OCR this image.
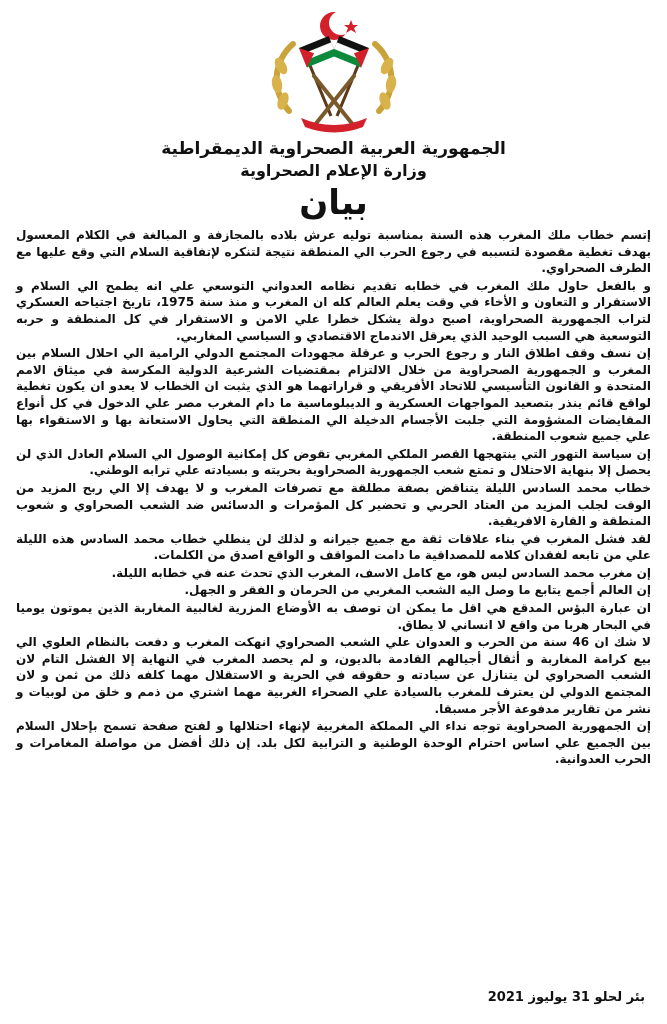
الجمهورية العربية الصحراوية الديمقراطية
وزارة الإعلام الصحراوية
بيان

إتسم خطاب ملك المغرب هذه السنة بمناسبة توليه عرش بلاده بالمجازفة و المبالغة في الكلام المعسول بهدف تغطية مقصودة لتسببه في رجوع الحرب الي المنطقة نتيجة لتنكره لإتفاقية السلام التي وقع عليها مع الطرف الصحراوي.

و بالفعل حاول ملك المغرب في خطابه تقديم نظامه العدواني التوسعي علي انه يطمح الي السلام و الاستقرار و التعاون و الأخاء في وقت يعلم العالم كله ان المغرب و منذ سنة 1975، تاريخ اجتياحه العسكري لتراب الجمهورية الصحراوية، اصبح دولة يشكل خطرا علي الامن و الاستقرار في كل المنطقة و حربه التوسعية هي السبب الوحيد الذي يعرقل الاندماج الاقتصادي و السياسي المغاربي.

إن نسف وقف اطلاق النار و رجوع الحرب و عرقلة مجهودات المجتمع الدولي الرامية الي احلال السلام بين المغرب و الجمهورية الصحراوية من خلال الالتزام بمقتضيات الشرعية الدولية المكرسة في ميثاق الامم المتحدة و القانون التأسيسي للاتحاد الأفريقي و قراراتهما هو الذي يثبت ان الخطاب لا يعدو ان يكون تغطية لواقع قائم ينذر بتصعيد المواجهات العسكرية و الديبلوماسية ما دام المغرب مصر علي الدخول في كل أنواع المقايضات المشؤومة التي جلبت الأجسام الدخيلة الي المنطقة التي يحاول الاستعانة بها و الاستقواء بها علي جميع شعوب المنطقة.

إن سياسة التهور التي ينتهجها القصر الملكي المغربي تقوض كل إمكانية الوصول الي السلام العادل الذي لن يحصل إلا بنهاية الاحتلال و تمتع شعب الجمهورية الصحراوية بحريته و بسيادته علي ترابه الوطني.

خطاب محمد السادس الليلة يتناقض بصفة مطلقة مع تصرفات المغرب و لا يهدف إلا الي ربح المزيد من الوقت لجلب المزيد من العتاد الحربي و تحضير كل المؤمرات و الدسائس ضد الشعب الصحراوي و شعوب المنطقة و القارة الافريقية.

لقد فشل المغرب في بناء علاقات ثقة مع جميع جيرانه و لذلك لن ينطلي خطاب محمد السادس هذه الليلة علي من تابعه لفقدان كلامه للمصداقية ما دامت المواقف و الواقع اصدق من الكلمات.

إن مغرب محمد السادس ليس هو، مع كامل الاسف، المغرب الذي تحدث عنه في خطابه الليلة.

إن العالم أجمع يتابع ما وصل اليه الشعب المغربي من الحرمان و الفقر و الجهل.

ان عبارة البؤس المدقع هي اقل ما يمكن ان توصف به الأوضاع المزرية لغالبية المغاربة الذين يموتون يوميا في البحار هربا من واقع لا انساني لا يطاق.

لا شك ان 46 سنة من الحرب و العدوان علي الشعب الصحراوي انهكت المغرب و دفعت بالنظام العلوي الي بيع كرامة المغاربة و أثقال أجيالهم القادمة بالديون، و لم يحصد المغرب في النهاية إلا الفشل التام لان الشعب الصحراوي لن يتنازل عن سيادته و حقوقه في الحرية و الاستقلال مهما كلفه ذلك من ثمن و لان المجتمع الدولي لن يعترف للمغرب بالسيادة علي الصحراء الغربية مهما اشتري من ذمم و خلق من لوبيات و نشر من تقارير مدفوعة الأجر مسبقا.

إن الجمهورية الصحراوية توجه نداء الي المملكة المغربية لإنهاء احتلالها و لفتح صفحة تسمح بإحلال السلام بين الجميع علي اساس احترام الوحدة الوطنية و الترابية لكل بلد. إن ذلك أفضل من مواصلة المغامرات و الحرب العدوانية.

بئر لحلو 31 يوليوز 2021
